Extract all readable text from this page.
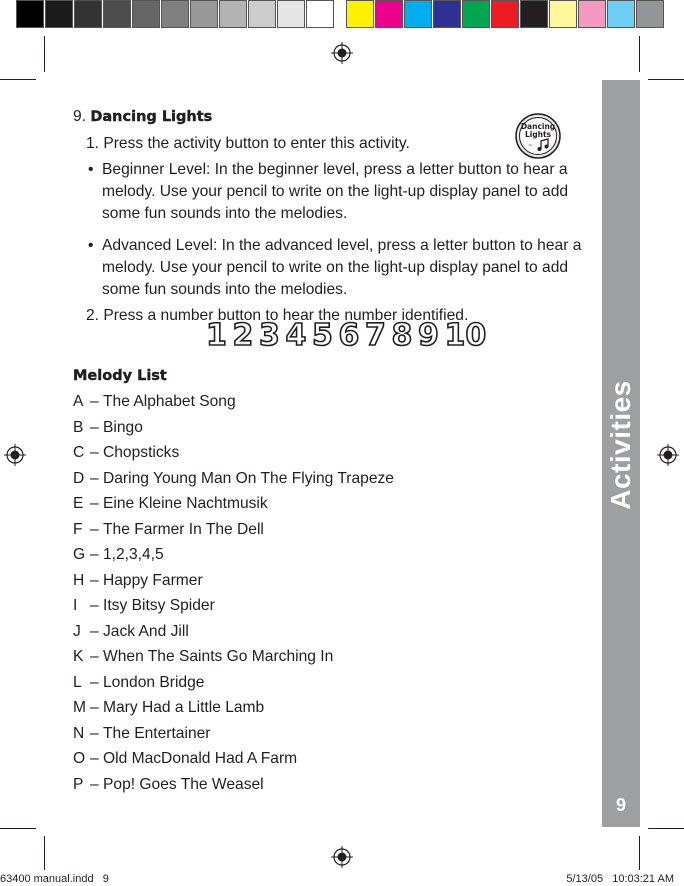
Activities
9
Dancing
Lights
~
9. Dancing Lights
1. Press the activity button to enter this activity.
• Beginner Level: In the beginner level, press a letter button to hear a melody. Use your pencil to write on the light-up display panel to add some fun sounds into the melodies.
• Advanced Level: In the advanced level, press a letter button to hear a melody. Use your pencil to write on the light-up display panel to add some fun sounds into the melodies.
2. Press a number button to hear the number identified.
1 2 3 4 5 6 7 8 9 10
Melody List
A – The Alphabet Song
B – Bingo
C – Chopsticks
D – Daring Young Man On The Flying Trapeze
E – Eine Kleine Nachtmusik
F – The Farmer In The Dell
G – 1,2,3,4,5
H – Happy Farmer
I – Itsy Bitsy Spider
J – Jack And Jill
K – When The Saints Go Marching In
L – London Bridge
M – Mary Had a Little Lamb
N – The Entertainer
O – Old MacDonald Had A Farm
P – Pop! Goes The Weasel
63400 manual.indd   9	5/13/05   10:03:21 AM
